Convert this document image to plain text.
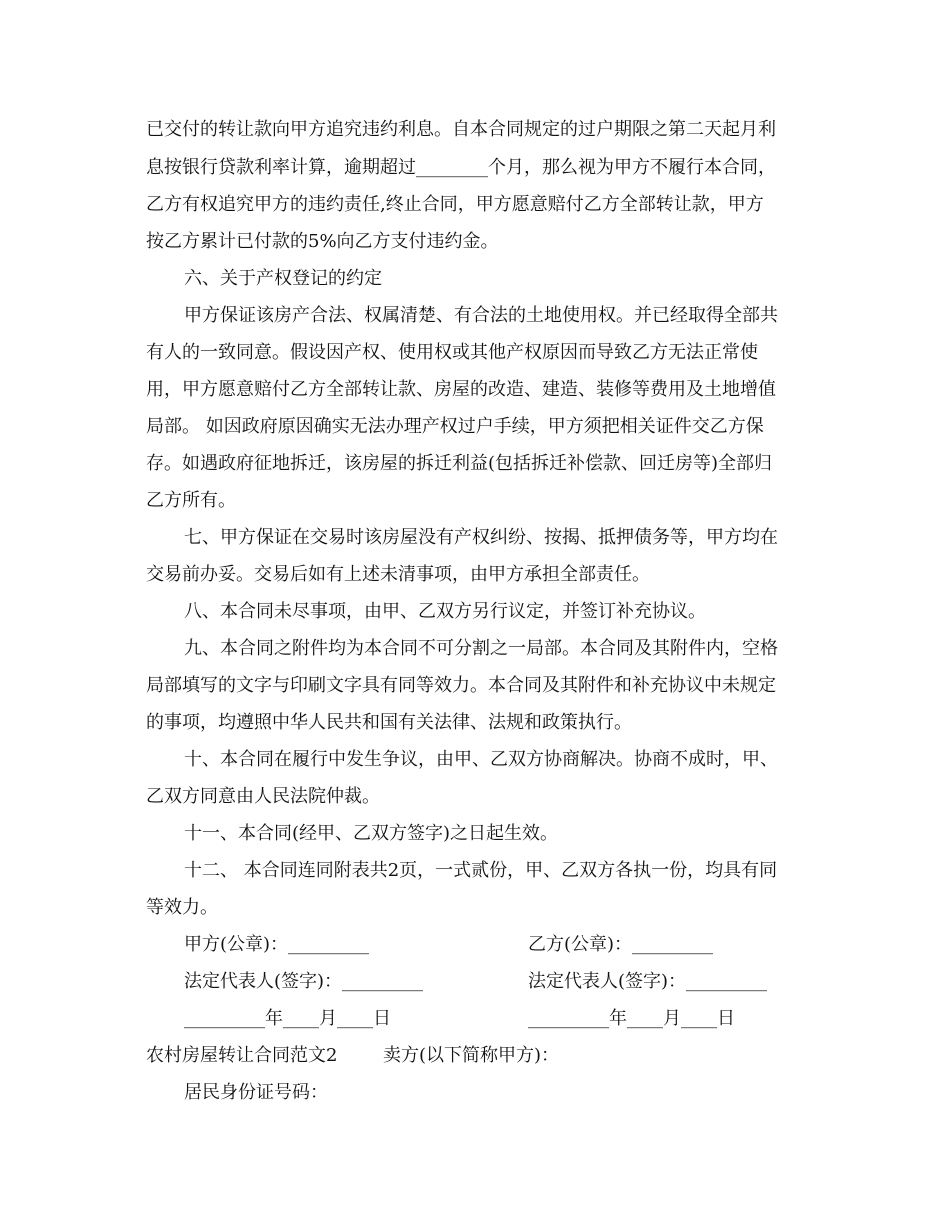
已交付的转让款向甲方追究违约利息。自本合同规定的过户期限之第二天起月利
息按银行贷款利率计算，逾期超过________个月，那么视为甲方不履行本合同，
乙方有权追究甲方的违约责任,终止合同，甲方愿意赔付乙方全部转让款，甲方
按乙方累计已付款的5%向乙方支付违约金。
六、关于产权登记的约定
甲方保证该房产合法、权属清楚、有合法的土地使用权。并已经取得全部共
有人的一致同意。假设因产权、使用权或其他产权原因而导致乙方无法正常使
用，甲方愿意赔付乙方全部转让款、房屋的改造、建造、装修等费用及土地增值
局部。 如因政府原因确实无法办理产权过户手续，甲方须把相关证件交乙方保
存。如遇政府征地拆迁，该房屋的拆迁利益(包括拆迁补偿款、回迁房等)全部归
乙方所有。
七、甲方保证在交易时该房屋没有产权纠纷、按揭、抵押债务等，甲方均在
交易前办妥。交易后如有上述未清事项，由甲方承担全部责任。
八、本合同未尽事项，由甲、乙双方另行议定，并签订补充协议。
九、本合同之附件均为本合同不可分割之一局部。本合同及其附件内，空格
局部填写的文字与印刷文字具有同等效力。本合同及其附件和补充协议中未规定
的事项，均遵照中华人民共和国有关法律、法规和政策执行。
十、本合同在履行中发生争议，由甲、乙双方协商解决。协商不成时，甲、
乙双方同意由人民法院仲裁。
十一、本合同(经甲、乙双方签字)之日起生效。
十二、 本合同连同附表共2页，一式贰份，甲、乙双方各执一份，均具有同
等效力。
甲方(公章)：_________	乙方(公章)：_________
法定代表人(签字)：_________	法定代表人(签字)：_________
_________年____月____日	_________年____月____日
农村房屋转让合同范文2	卖方(以下简称甲方)：
居民身份证号码：
